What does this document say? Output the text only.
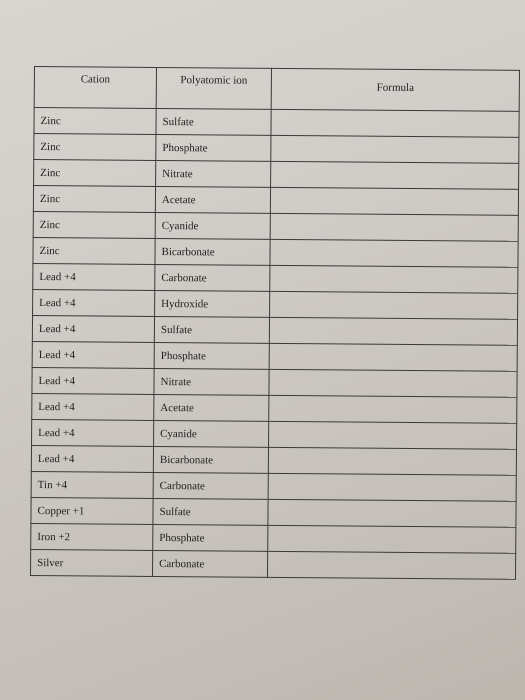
Cation	Polyatomic ion	Formula
Zinc	Sulfate	
Zinc	Phosphate	
Zinc	Nitrate	
Zinc	Acetate	
Zinc	Cyanide	
Zinc	Bicarbonate	
Lead +4	Carbonate	
Lead +4	Hydroxide	
Lead +4	Sulfate	
Lead +4	Phosphate	
Lead +4	Nitrate	
Lead +4	Acetate	
Lead +4	Cyanide	
Lead +4	Bicarbonate	
Tin +4	Carbonate	
Copper +1	Sulfate	
Iron +2	Phosphate	
Silver	Carbonate	
